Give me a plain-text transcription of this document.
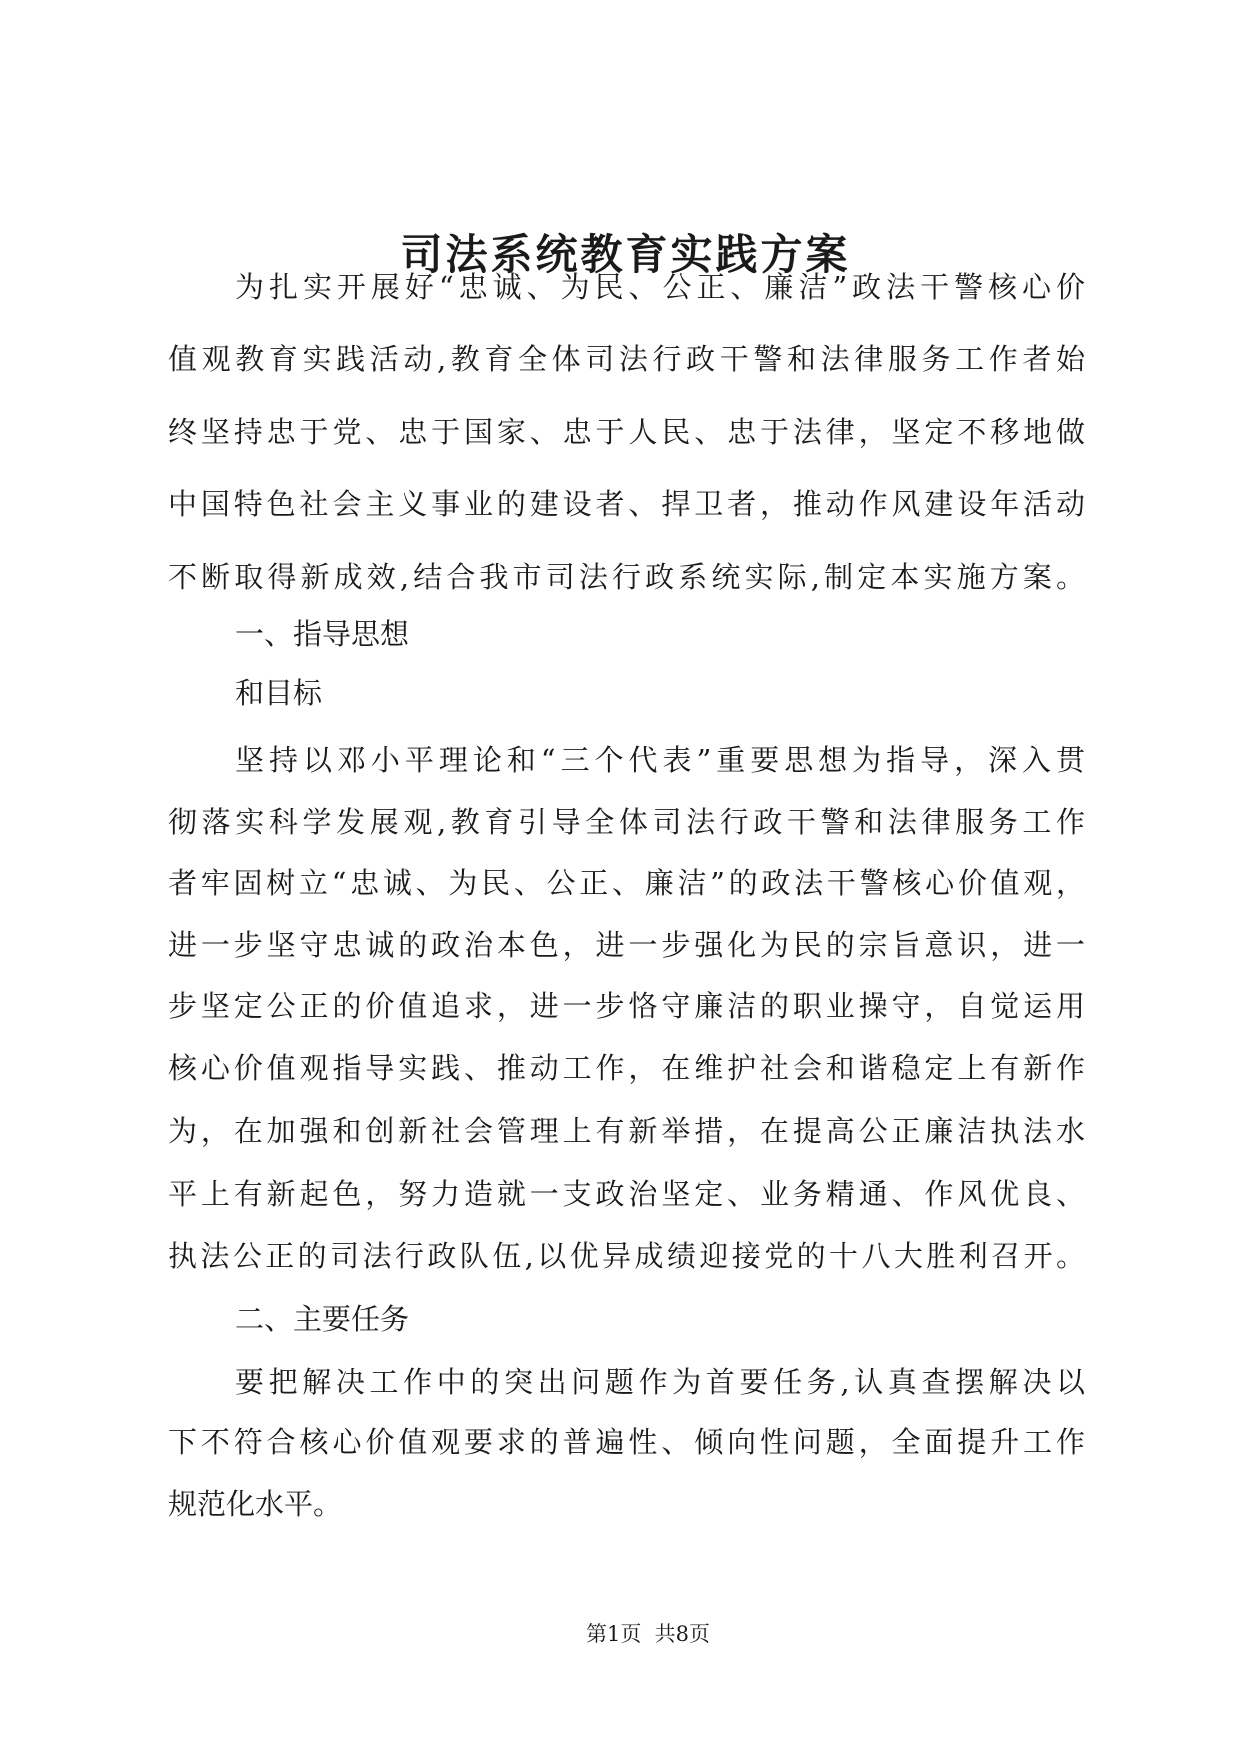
司法系统教育实践方案
为扎实开展好“忠诚、为民、公正、廉洁”政法干警核心价
值观教育实践活动,教育全体司法行政干警和法律服务工作者始
终坚持忠于党、忠于国家、忠于人民、忠于法律，坚定不移地做
中国特色社会主义事业的建设者、捍卫者，推动作风建设年活动
不断取得新成效,结合我市司法行政系统实际,制定本实施方案。
一、指导思想
和目标
坚持以邓小平理论和“三个代表”重要思想为指导，深入贯
彻落实科学发展观,教育引导全体司法行政干警和法律服务工作
者牢固树立“忠诚、为民、公正、廉洁”的政法干警核心价值观，
进一步坚守忠诚的政治本色，进一步强化为民的宗旨意识，进一
步坚定公正的价值追求，进一步恪守廉洁的职业操守，自觉运用
核心价值观指导实践、推动工作，在维护社会和谐稳定上有新作
为，在加强和创新社会管理上有新举措，在提高公正廉洁执法水
平上有新起色，努力造就一支政治坚定、业务精通、作风优良、
执法公正的司法行政队伍,以优异成绩迎接党的十八大胜利召开。
二、主要任务
要把解决工作中的突出问题作为首要任务,认真查摆解决以
下不符合核心价值观要求的普遍性、倾向性问题，全面提升工作
规范化水平。
第1页  共8页
